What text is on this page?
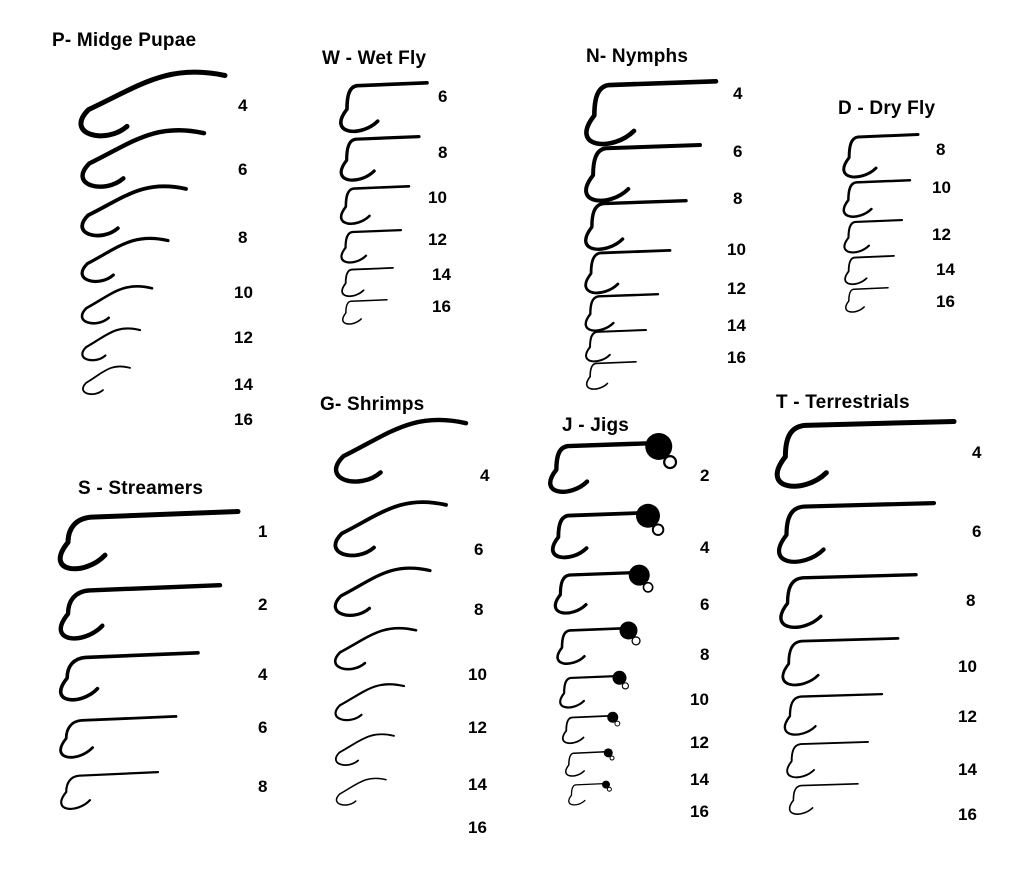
P- Midge Pupae
4
6
8
10
12
14
16
W - Wet Fly
6
8
10
12
14
16
N- Nymphs
4
6
8
10
12
14
16
D - Dry Fly
8
10
12
14
16
S - Streamers
1
2
4
6
8
G- Shrimps
4
6
8
10
12
14
16
J - Jigs
2
4
6
8
10
12
14
16
T - Terrestrials
4
6
8
10
12
14
16
